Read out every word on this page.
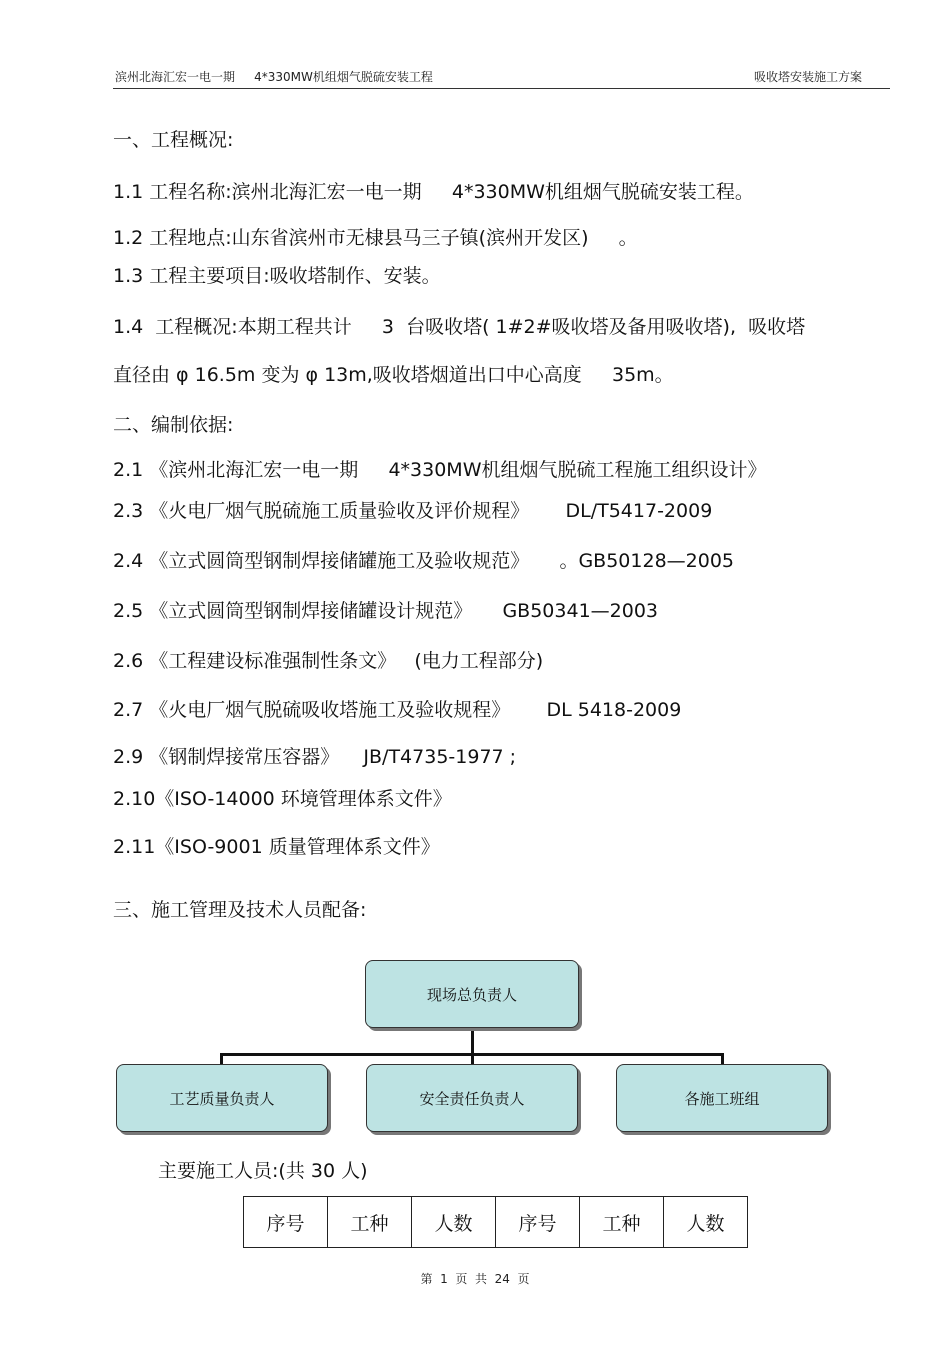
滨州北海汇宏一电一期     4*330MW机组烟气脱硫安装工程	吸收塔安装施工方案
一、工程概况:
1.1 工程名称:滨州北海汇宏一电一期     4*330MW机组烟气脱硫安装工程。
1.2 工程地点:山东省滨州市无棣县马三子镇(滨州开发区)     。
1.3 工程主要项目:吸收塔制作、安装。
1.4  工程概况:本期工程共计     3  台吸收塔( 1#2#吸收塔及备用吸收塔),  吸收塔
直径由 φ 16.5m 变为 φ 13m,吸收塔烟道出口中心高度     35m。
二、编制依据:
2.1 《滨州北海汇宏一电一期     4*330MW机组烟气脱硫工程施工组织设计》
2.3 《火电厂烟气脱硫施工质量验收及评价规程》      DL/T5417-2009
2.4 《立式圆筒型钢制焊接储罐施工及验收规范》     。GB50128—2005
2.5 《立式圆筒型钢制焊接储罐设计规范》     GB50341—2003
2.6 《工程建设标准强制性条文》   (电力工程部分)
2.7 《火电厂烟气脱硫吸收塔施工及验收规程》      DL 5418-2009
2.9 《钢制焊接常压容器》    JB/T4735-1977 ;
2.10《ISO-14000 环境管理体系文件》
2.11《ISO-9001 质量管理体系文件》
三、施工管理及技术人员配备:
现场总负责人
工艺质量负责人	安全责任负责人	各施工班组
主要施工人员:(共 30 人)
序号	工种	人数	序号	工种	人数
第  1  页  共  24  页
